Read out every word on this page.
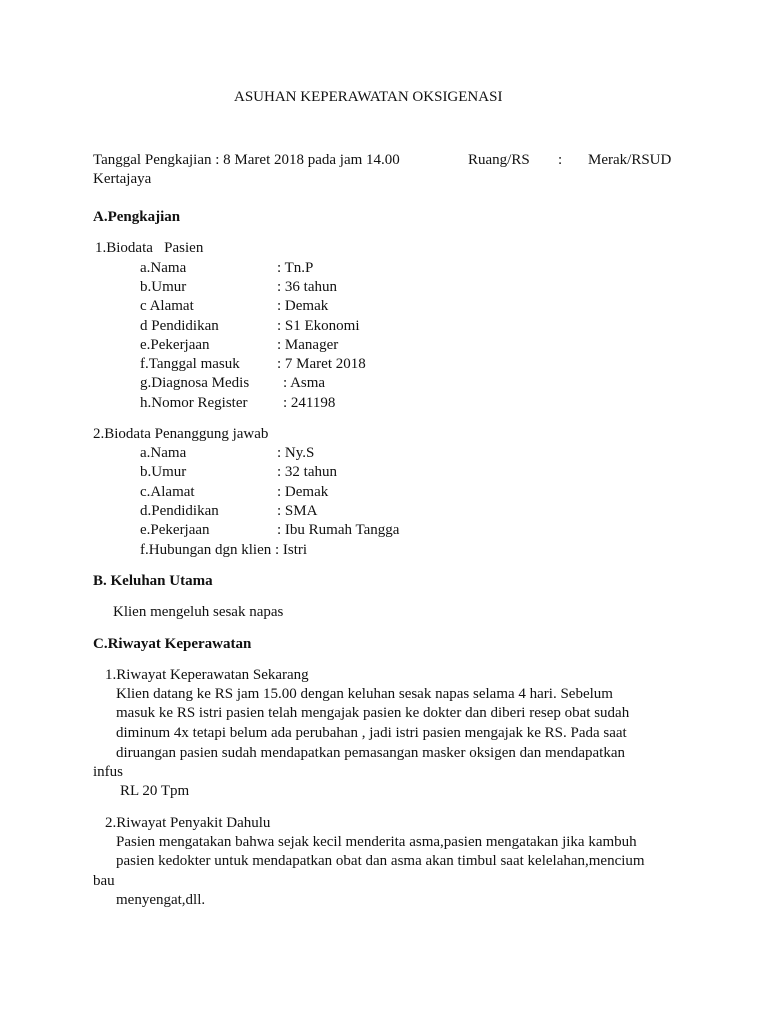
ASUHAN KEPERAWATAN OKSIGENASI
Tanggal Pengkajian : 8 Maret 2018 pada jam 14.00	Ruang/RS : Merak/RSUD
Kertajaya
A.Pengkajian
1.Biodata   Pasien
a.Nama	: Tn.P
b.Umur	: 36 tahun
c Alamat	: Demak
d Pendidikan	: S1 Ekonomi
e.Pekerjaan	: Manager
f.Tanggal masuk : 7 Maret 2018
g.Diagnosa Medis : Asma
h.Nomor Register : 241198
2.Biodata Penanggung jawab
a.Nama	: Ny.S
b.Umur	: 32 tahun
c.Alamat	: Demak
d.Pendidikan	: SMA
e.Pekerjaan	: Ibu Rumah Tangga
f.Hubungan dgn klien : Istri
B. Keluhan Utama
Klien mengeluh sesak napas
C.Riwayat Keperawatan
1.Riwayat Keperawatan Sekarang
Klien datang ke RS jam 15.00 dengan keluhan sesak napas selama 4 hari. Sebelum
masuk ke RS istri pasien telah mengajak pasien ke dokter dan diberi resep obat sudah
diminum 4x tetapi belum ada perubahan , jadi istri pasien mengajak ke RS. Pada saat
diruangan pasien sudah mendapatkan pemasangan masker oksigen dan mendapatkan
infus
RL 20 Tpm
2.Riwayat Penyakit Dahulu
Pasien mengatakan bahwa sejak kecil menderita asma,pasien mengatakan jika kambuh
pasien kedokter untuk mendapatkan obat dan asma akan timbul saat kelelahan,mencium
bau
menyengat,dll.
